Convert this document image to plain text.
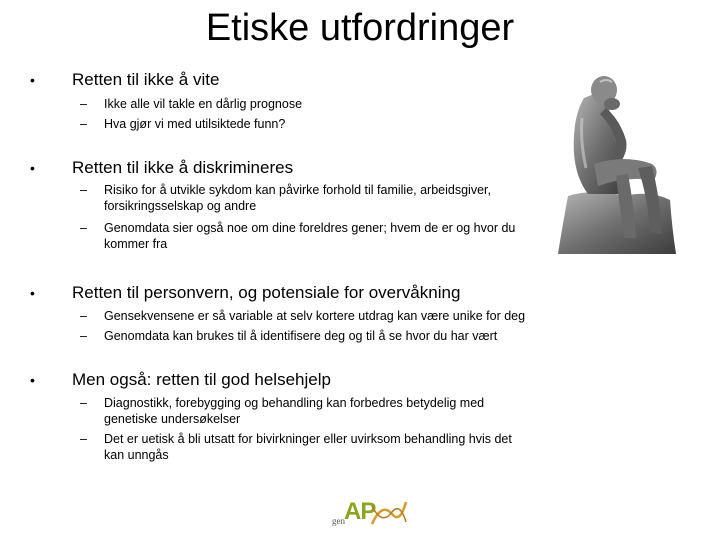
Etiske utfordringer
• Retten til ikke å vite
– Ikke alle vil takle en dårlig prognose
– Hva gjør vi med utilsiktede funn?
• Retten til ikke å diskrimineres
– Risiko for å utvikle sykdom kan påvirke forhold til familie, arbeidsgiver, forsikringsselskap og andre
– Genomdata sier også noe om dine foreldres gener; hvem de er og hvor du kommer fra
• Retten til personvern, og potensiale for overvåkning
– Gensekvensene er så variable at selv kortere utdrag kan være unike for deg
– Genomdata kan brukes til å identifisere deg og til å se hvor du har vært
• Men også: retten til god helsehjelp
– Diagnostikk, forebygging og behandling kan forbedres betydelig med genetiske undersøkelser
– Det er uetisk å bli utsatt for bivirkninger eller uvirksom behandling hvis det kan unngås
gen AP
